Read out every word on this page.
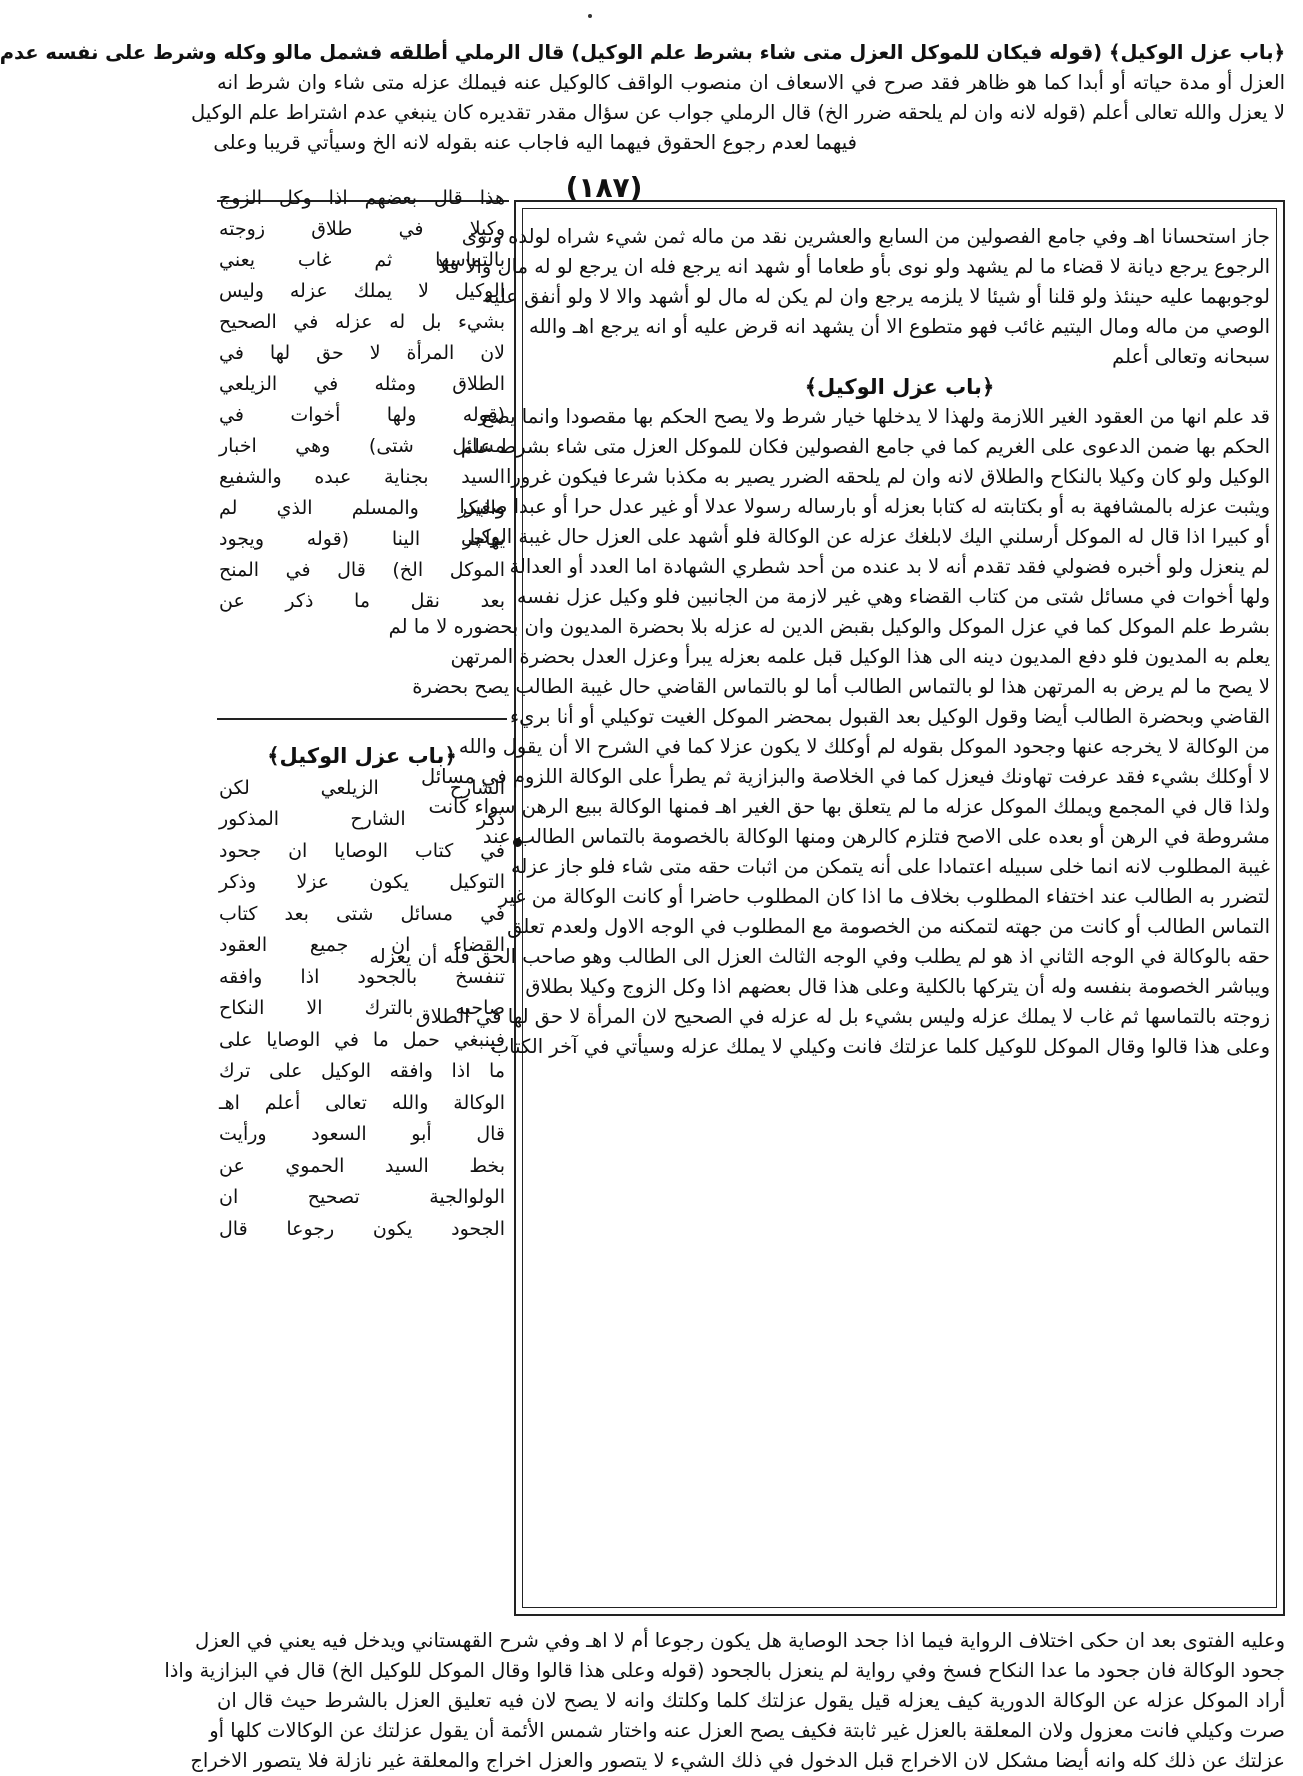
﴿باب عزل الوكيل﴾ (قوله فيكان للموكل العزل متى شاء بشرط علم الوكيل) قال الرملي أطلقه فشمل مالو وكله وشرط على نفسه عدم
العزل أو مدة حياته أو أبدا كما هو ظاهر فقد صرح في الاسعاف ان منصوب الواقف كالوكيل عنه فيملك عزله متى شاء وان شرط انه
لا يعزل والله تعالى أعلم (قوله لانه وان لم يلحقه ضرر الخ) قال الرملي جواب عن سؤال مقدر تقديره كان ينبغي عدم اشتراط علم الوكيل
فيهما لعدم رجوع الحقوق فيهما اليه فاجاب عنه بقوله لانه الخ وسيأتي قريبا وعلى
(١٨٧)
هذا قال بعضهم اذا وكل الزوج
وكيلا في طلاق زوجته
بالتماسها ثم غاب يعني
الوكيل لا يملك عزله وليس
بشيء بل له عزله في الصحيح
لان المرأة لا حق لها في
الطلاق ومثله في الزيلعي
(قوله ولها أخوات في
مسائل شتى) وهي اخبار
السيد بجناية عبده والشفيع
والبكر والمسلم الذي لم
يهاجر الينا (قوله ويجود
الموكل الخ) قال في المنح
بعد نقل ما ذكر عن
﴿باب عزل الوكيل﴾
الشارح الزيلعي لكن
ذكر الشارح المذكور
في كتاب الوصايا ان جحود
التوكيل يكون عزلا وذكر
في مسائل شتى بعد كتاب
القضاء ان جميع العقود
تنفسخ بالجحود اذا وافقه
صاحبه بالترك الا النكاح
فينبغي حمل ما في الوصايا على
ما اذا وافقه الوكيل على ترك
الوكالة والله تعالى أعلم اهـ
قال أبو السعود ورأيت
بخط السيد الحموي عن
الولوالجية تصحيح ان
الجحود يكون رجوعا قال
جاز استحسانا اهـ وفي جامع الفصولين من السابع والعشرين نقد من ماله ثمن شيء شراه لولده ونوى
الرجوع يرجع ديانة لا قضاء ما لم يشهد ولو نوى بأو طعاما أو شهد انه يرجع فله ان يرجع لو له مال والا فلا
لوجوبهما عليه حينئذ ولو قلنا أو شيئا لا يلزمه يرجع وان لم يكن له مال لو أشهد والا لا ولو أنفق عليه
الوصي من ماله ومال اليتيم غائب فهو متطوع الا أن يشهد انه قرض عليه أو انه يرجع اهـ والله
سبحانه وتعالى أعلم
﴿باب عزل الوكيل﴾
قد علم انها من العقود الغير اللازمة ولهذا لا يدخلها خيار شرط ولا يصح الحكم بها مقصودا وانما يصح
الحكم بها ضمن الدعوى على الغريم كما في جامع الفصولين فكان للموكل العزل متى شاء بشرط علم
الوكيل ولو كان وكيلا بالنكاح والطلاق لانه وان لم يلحقه الضرر يصير به مكذبا شرعا فيكون غرورا
ويثبت عزله بالمشافهة به أو بكتابته له كتابا بعزله أو بارساله رسولا عدلا أو غير عدل حرا أو عبدا صغيرا
أو كبيرا اذا قال له الموكل أرسلني اليك لابلغك عزله عن الوكالة فلو أشهد على العزل حال غيبة الوكيل
لم ينعزل ولو أخبره فضولي فقد تقدم أنه لا بد عنده من أحد شطري الشهادة اما العدد أو العدالة
ولها أخوات في مسائل شتى من كتاب القضاء وهي غير لازمة من الجانبين فلو وكيل عزل نفسه
بشرط علم الموكل كما في عزل الموكل والوكيل بقبض الدين له عزله بلا بحضرة المديون وان بحضوره لا ما لم
يعلم به المديون فلو دفع المديون دينه الى هذا الوكيل قبل علمه بعزله يبرأ وعزل العدل بحضرة المرتهن
لا يصح ما لم يرض به المرتهن هذا لو بالتماس الطالب أما لو بالتماس القاضي حال غيبة الطالب يصح بحضرة
القاضي وبحضرة الطالب أيضا وقول الوكيل بعد القبول بمحضر الموكل الغيت توكيلي أو أنا بريء
من الوكالة لا يخرجه عنها وجحود الموكل بقوله لم أوكلك لا يكون عزلا كما في الشرح الا أن يقول والله
لا أوكلك بشيء فقد عرفت تهاونك فيعزل كما في الخلاصة والبزازية ثم يطرأ على الوكالة اللزوم في مسائل
ولذا قال في المجمع ويملك الموكل عزله ما لم يتعلق بها حق الغير اهـ فمنها الوكالة ببيع الرهن سواء كانت
مشروطة في الرهن أو بعده على الاصح فتلزم كالرهن ومنها الوكالة بالخصومة بالتماس الطالب عند
غيبة المطلوب لانه انما خلى سبيله اعتمادا على أنه يتمكن من اثبات حقه متى شاء فلو جاز عزله
لتضرر به الطالب عند اختفاء المطلوب بخلاف ما اذا كان المطلوب حاضرا أو كانت الوكالة من غير
التماس الطالب أو كانت من جهته لتمكنه من الخصومة مع المطلوب في الوجه الاول ولعدم تعلق
حقه بالوكالة في الوجه الثاني اذ هو لم يطلب وفي الوجه الثالث العزل الى الطالب وهو صاحب الحق فله أن يعزله
ويباشر الخصومة بنفسه وله أن يتركها بالكلية وعلى هذا قال بعضهم اذا وكل الزوج وكيلا بطلاق
زوجته بالتماسها ثم غاب لا يملك عزله وليس بشيء بل له عزله في الصحيح لان المرأة لا حق لها في الطلاق
وعلى هذا قالوا وقال الموكل للوكيل كلما عزلتك فانت وكيلي لا يملك عزله وسيأتي في آخر الكتاب
وعليه الفتوى بعد ان حكى اختلاف الرواية فيما اذا جحد الوصاية هل يكون رجوعا أم لا اهـ وفي شرح القهستاني ويدخل فيه يعني في العزل
جحود الوكالة فان جحود ما عدا النكاح فسخ وفي رواية لم ينعزل بالجحود (قوله وعلى هذا قالوا وقال الموكل للوكيل الخ) قال في البزازية واذا
أراد الموكل عزله عن الوكالة الدورية كيف يعزله قيل يقول عزلتك كلما وكلتك وانه لا يصح لان فيه تعليق العزل بالشرط حيث قال ان
صرت وكيلي فانت معزول ولان المعلقة بالعزل غير ثابتة فكيف يصح العزل عنه واختار شمس الأئمة أن يقول عزلتك عن الوكالات كلها أو
عزلتك عن ذلك كله وانه أيضا مشكل لان الاخراج قبل الدخول في ذلك الشيء لا يتصور والعزل اخراج والمعلقة غير نازلة فلا يتصور الاخراج
